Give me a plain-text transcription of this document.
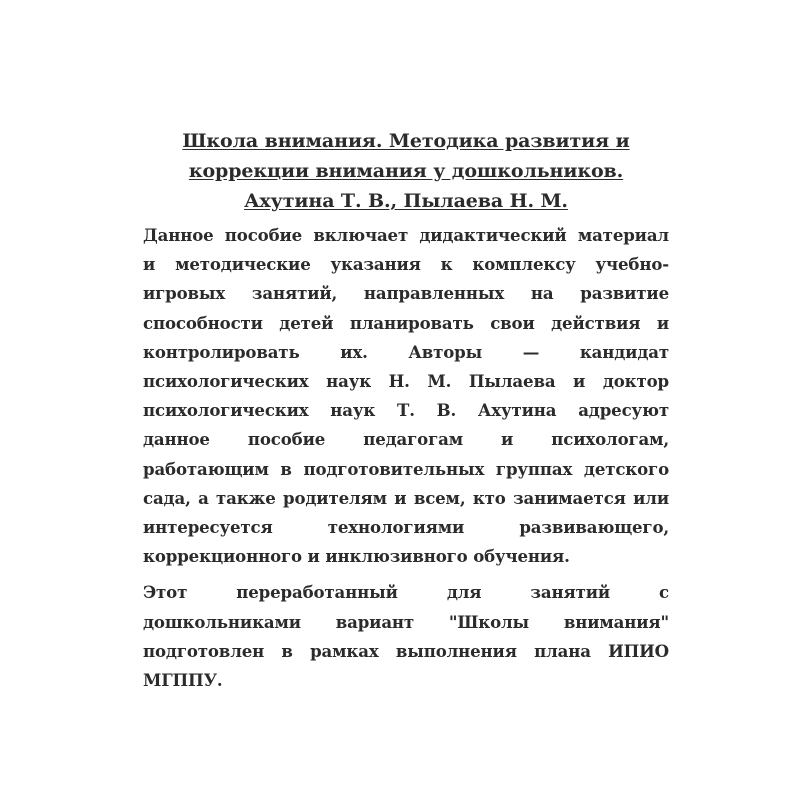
Школа внимания. Методика развития и
коррекции внимания у дошкольников.
Ахутина Т. В., Пылаева Н. М.
Данное пособие включает дидактический материал
и методические указания к комплексу учебно-
игровых занятий, направленных на развитие
способности детей планировать свои действия и
контролировать их. Авторы — кандидат
психологических наук Н. М. Пылаева и доктор
психологических наук Т. В. Ахутина адресуют
данное пособие педагогам и психологам,
работающим в подготовительных группах детского
сада, а также родителям и всем, кто занимается или
интересуется технологиями развивающего,
коррекционного и инклюзивного обучения.
Этот переработанный для занятий с
дошкольниками вариант "Школы внимания"
подготовлен в рамках выполнения плана ИПИО
МГППУ.
